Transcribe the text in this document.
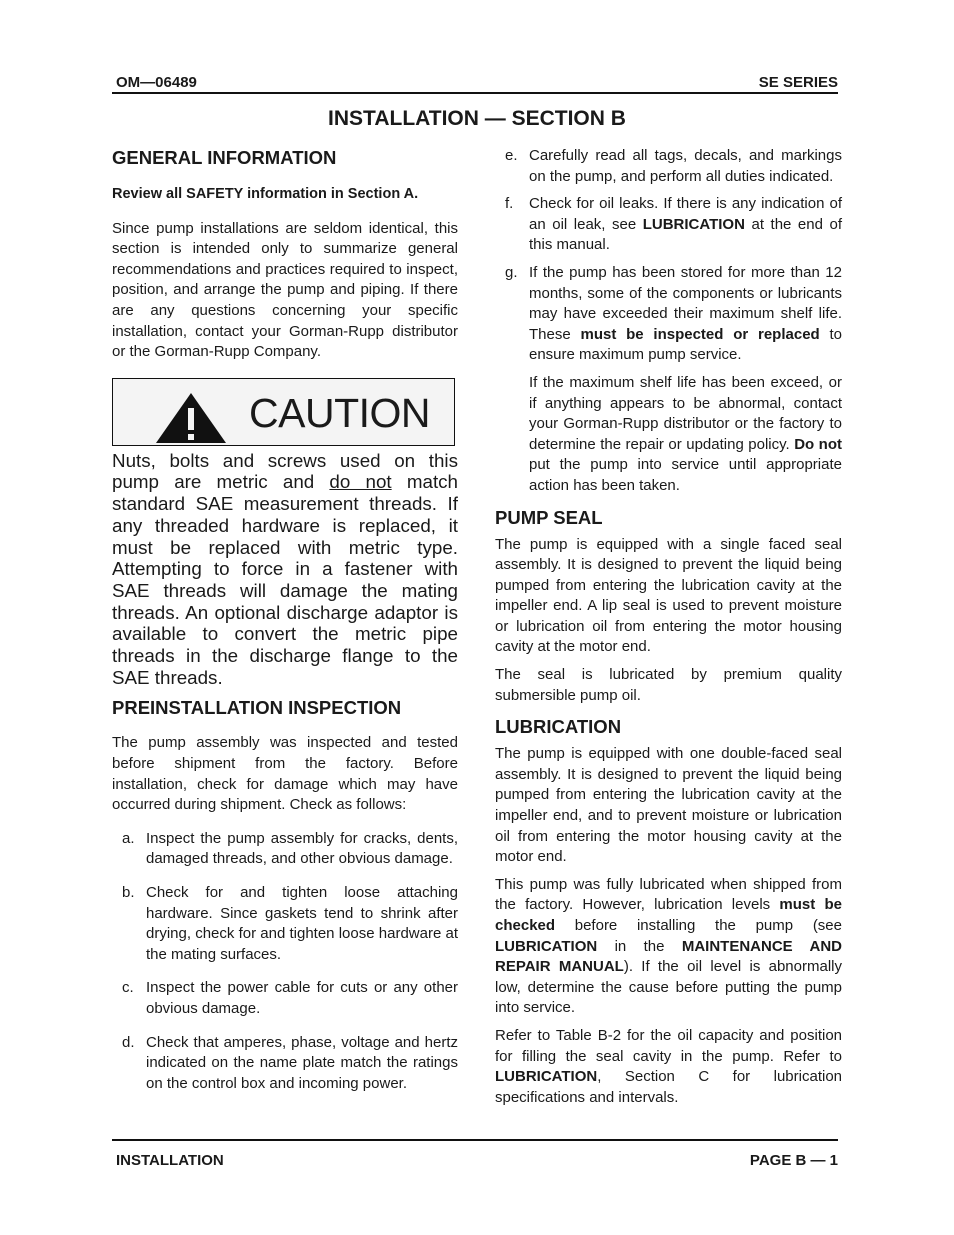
OM—06489	SE SERIES
INSTALLATION — SECTION B
GENERAL INFORMATION

Review all SAFETY information in Section A.

Since pump installations are seldom identical, this section is intended only to summarize general recommendations and practices required to inspect, position, and arrange the pump and piping. If there are any questions concerning your specific installation, contact your Gorman-Rupp distributor or the Gorman-Rupp Company.

CAUTION

Nuts, bolts and screws used on this pump are metric and do not match standard SAE measurement threads. If any threaded hardware is replaced, it must be replaced with metric type. Attempting to force in a fastener with SAE threads will damage the mating threads. An optional discharge adaptor is available to convert the metric pipe threads in the discharge flange to the SAE threads.

PREINSTALLATION INSPECTION

The pump assembly was inspected and tested before shipment from the factory. Before installation, check for damage which may have occurred during shipment. Check as follows:

a. Inspect the pump assembly for cracks, dents, damaged threads, and other obvious damage.
b. Check for and tighten loose attaching hardware. Since gaskets tend to shrink after drying, check for and tighten loose hardware at the mating surfaces.
c. Inspect the power cable for cuts or any other obvious damage.
d. Check that amperes, phase, voltage and hertz indicated on the name plate match the ratings on the control box and incoming power.
e. Carefully read all tags, decals, and markings on the pump, and perform all duties indicated.
f. Check for oil leaks. If there is any indication of an oil leak, see LUBRICATION at the end of this manual.
g. If the pump has been stored for more than 12 months, some of the components or lubricants may have exceeded their maximum shelf life. These must be inspected or replaced to ensure maximum pump service.

If the maximum shelf life has been exceed, or if anything appears to be abnormal, contact your Gorman-Rupp distributor or the factory to determine the repair or updating policy. Do not put the pump into service until appropriate action has been taken.

PUMP SEAL

The pump is equipped with a single faced seal assembly. It is designed to prevent the liquid being pumped from entering the lubrication cavity at the impeller end. A lip seal is used to prevent moisture or lubrication oil from entering the motor housing cavity at the motor end.

The seal is lubricated by premium quality submersible pump oil.

LUBRICATION

The pump is equipped with one double-faced seal assembly. It is designed to prevent the liquid being pumped from entering the lubrication cavity at the impeller end, and to prevent moisture or lubrication oil from entering the motor housing cavity at the motor end.

This pump was fully lubricated when shipped from the factory. However, lubrication levels must be checked before installing the pump (see LUBRICATION in the MAINTENANCE AND REPAIR MANUAL). If the oil level is abnormally low, determine the cause before putting the pump into service.

Refer to Table B-2 for the oil capacity and position for filling the seal cavity in the pump. Refer to LUBRICATION, Section C for lubrication specifications and intervals.

INSTALLATION	PAGE B — 1
